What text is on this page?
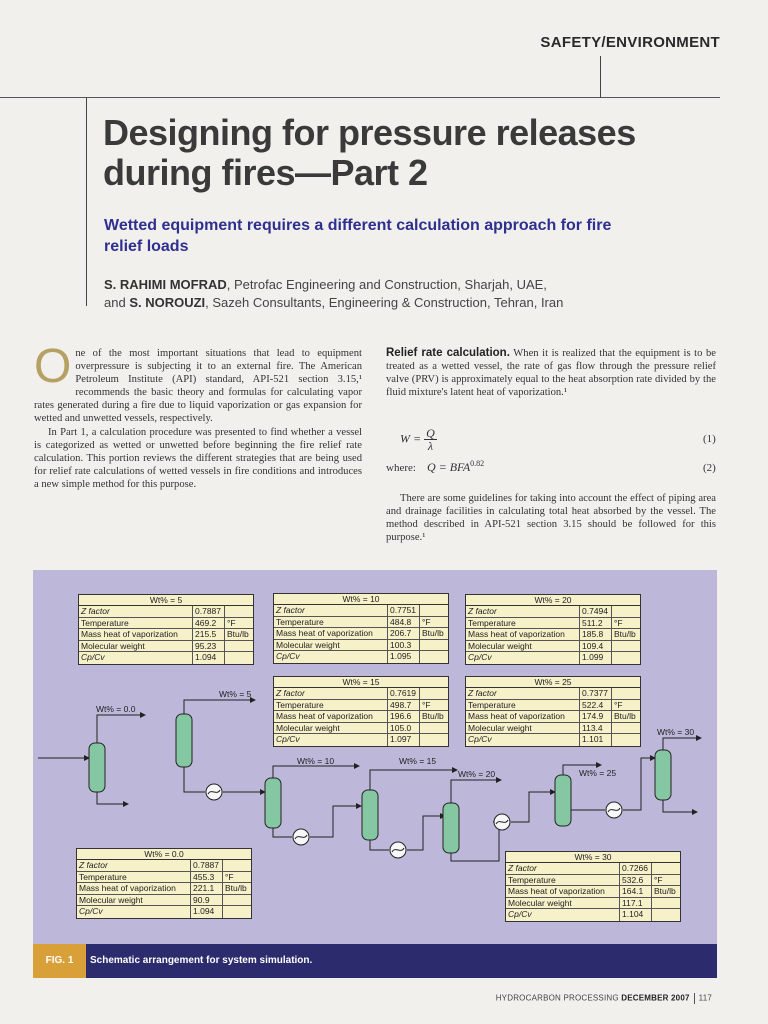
SAFETY/ENVIRONMENT
Designing for pressure releases during fires—Part 2
Wetted equipment requires a different calculation approach for fire relief loads
S. RAHIMI MOFRAD, Petrofac Engineering and Construction, Sharjah, UAE,
and S. NOROUZI, Sazeh Consultants, Engineering & Construction, Tehran, Iran

One of the most important situations that lead to equipment overpressure is subjecting it to an external fire. The American Petroleum Institute (API) standard, API-521 section 3.15,¹ recommends the basic theory and formulas for calculating vapor rates generated during a fire due to liquid vaporization or gas expansion for wetted and unwetted vessels, respectively.

In Part 1, a calculation procedure was presented to find whether a vessel is categorized as wetted or unwetted before beginning the fire relief rate calculation. This portion reviews the different strategies that are being used for relief rate calculations of wetted vessels in fire conditions and introduces a new simple method for this purpose.

Relief rate calculation. When it is realized that the equipment is to be treated as a wetted vessel, the rate of gas flow through the pressure relief valve (PRV) is approximately equal to the heat absorption rate divided by the fluid mixture's latent heat of vaporization.¹

$W = \frac{Q}{\lambda}$	(1)
where: $Q = BFA^{0.82}$	(2)

There are some guidelines for taking into account the effect of piping area and drainage facilities in calculating total heat absorbed by the vessel. The method described in API-521 section 3.15 should be followed for this purpose.¹

Wt% = 0.0
Wt% = 5
Wt% = 10	Wt% = 15
Wt% = 20	Wt% = 25
Wt% = 30
Wt% = 5
Z factor	0.7887
Temperature	469.2	°F
Mass heat of vaporization	215.5	Btu/lb
Molecular weight	95.23
Cp/Cv	1.094
Wt% = 10
Z factor	0.7751
Temperature	484.8	°F
Mass heat of vaporization	206.7	Btu/lb
Molecular weight	100.3
Cp/Cv	1.095
Wt% = 20
Z factor	0.7494
Temperature	511.2	°F
Mass heat of vaporization	185.8	Btu/lb
Molecular weight	109.4
Cp/Cv	1.099
Wt% = 15
Z factor	0.7619
Temperature	498.7	°F
Mass heat of vaporization	196.6	Btu/lb
Molecular weight	105.0
Cp/Cv	1.097
Wt% = 25
Z factor	0.7377
Temperature	522.4	°F
Mass heat of vaporization	174.9	Btu/lb
Molecular weight	113.4
Cp/Cv	1.101
Wt% = 0.0
Z factor	0.7887
Temperature	455.3	°F
Mass heat of vaporization	221.1	Btu/lb
Molecular weight	90.9
Cp/Cv	1.094
Wt% = 30
Z factor	0.7266
Temperature	532.6	°F
Mass heat of vaporization	164.1	Btu/lb
Molecular weight	117.1
Cp/Cv	1.104
FIG. 1	Schematic arrangement for system simulation.
HYDROCARBON PROCESSING DECEMBER 2007 117
